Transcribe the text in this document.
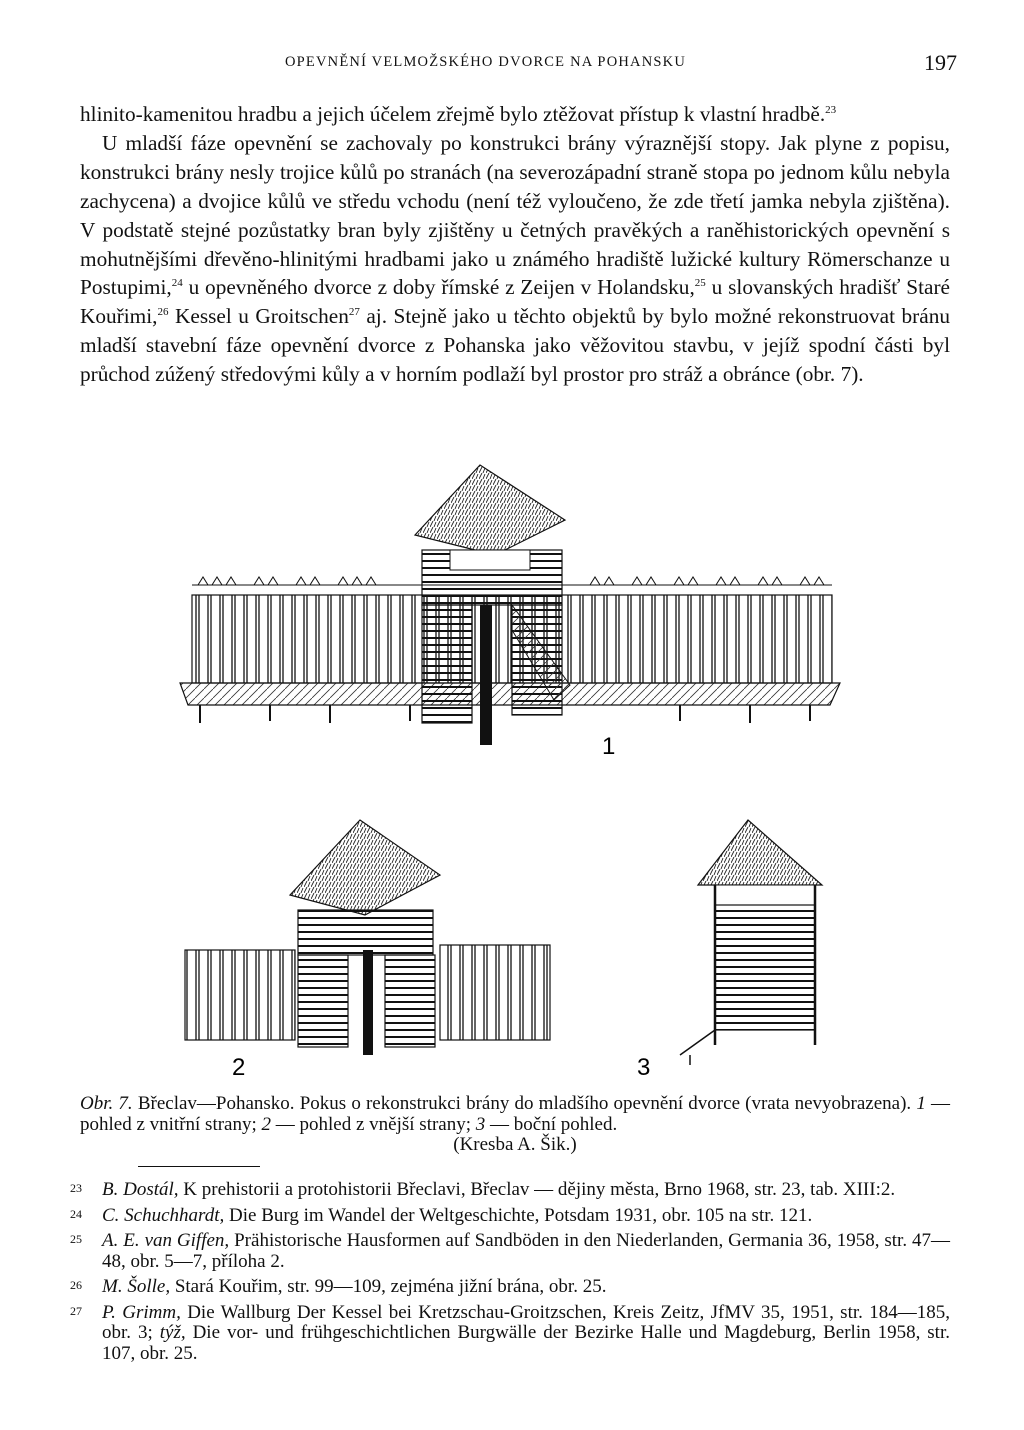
OPEVNĚNÍ VELMOŽSKÉHO DVORCE NA POHANSKU	197

hlinito-kamenitou hradbu a jejich účelem zřejmě bylo ztěžovat přístup k vlastní hradbě.$^{23}$

U mladší fáze opevnění se zachovaly po konstrukci brány výraznější stopy. Jak plyne z popisu, konstrukci brány nesly trojice kůlů po stranách (na severozápadní straně stopa po jednom kůlu nebyla zachycena) a dvojice kůlů ve středu vchodu (není též vyloučeno, že zde třetí jamka nebyla zjištěna). V podstatě stejné pozůstatky bran byly zjištěny u četných pravěkých a raněhistorických opevnění s mohutnějšími dřevěno-hlinitými hradbami jako u známého hradiště lužické kultury Römerschanze u Postupimi,$^{24}$ u opevněného dvorce z doby římské z Zeijen v Holandsku,$^{25}$ u slovanských hradišť Staré Kouřimi,$^{26}$ Kessel u Groitschen$^{27}$ aj. Stejně jako u těchto objektů by bylo možné rekonstruovat bránu mladší stavební fáze opevnění dvorce z Pohanska jako věžovitou stavbu, v jejíž spodní části byl průchod zúžený středovými kůly a v horním podlaží byl prostor pro stráž a obránce (obr. 7).

1
2	3

Obr. 7. Břeclav—Pohansko. Pokus o rekonstrukci brány do mladšího opevnění dvorce (vrata nevyobrazena). 1 — pohled z vnitřní strany; 2 — pohled z vnější strany; 3 — boční pohled.

(Kresba A. Šik.)

23	B. Dostál, K prehistorii a protohistorii Břeclavi, Břeclav — dějiny města, Brno 1968, str. 23, tab. XIII:2.
24	C. Schuchhardt, Die Burg im Wandel der Weltgeschichte, Potsdam 1931, obr. 105 na str. 121.
25	A. E. van Giffen, Prähistorische Hausformen auf Sandböden in den Niederlanden, Germania 36, 1958, str. 47—48, obr. 5—7, příloha 2.
26	M. Šolle, Stará Kouřim, str. 99—109, zejména jižní brána, obr. 25.
27	P. Grimm, Die Wallburg Der Kessel bei Kretzschau-Groitzschen, Kreis Zeitz, JfMV 35, 1951, str. 184—185, obr. 3; týž, Die vor- und frühgeschichtlichen Burgwälle der Bezirke Halle und Magdeburg, Berlin 1958, str. 107, obr. 25.
